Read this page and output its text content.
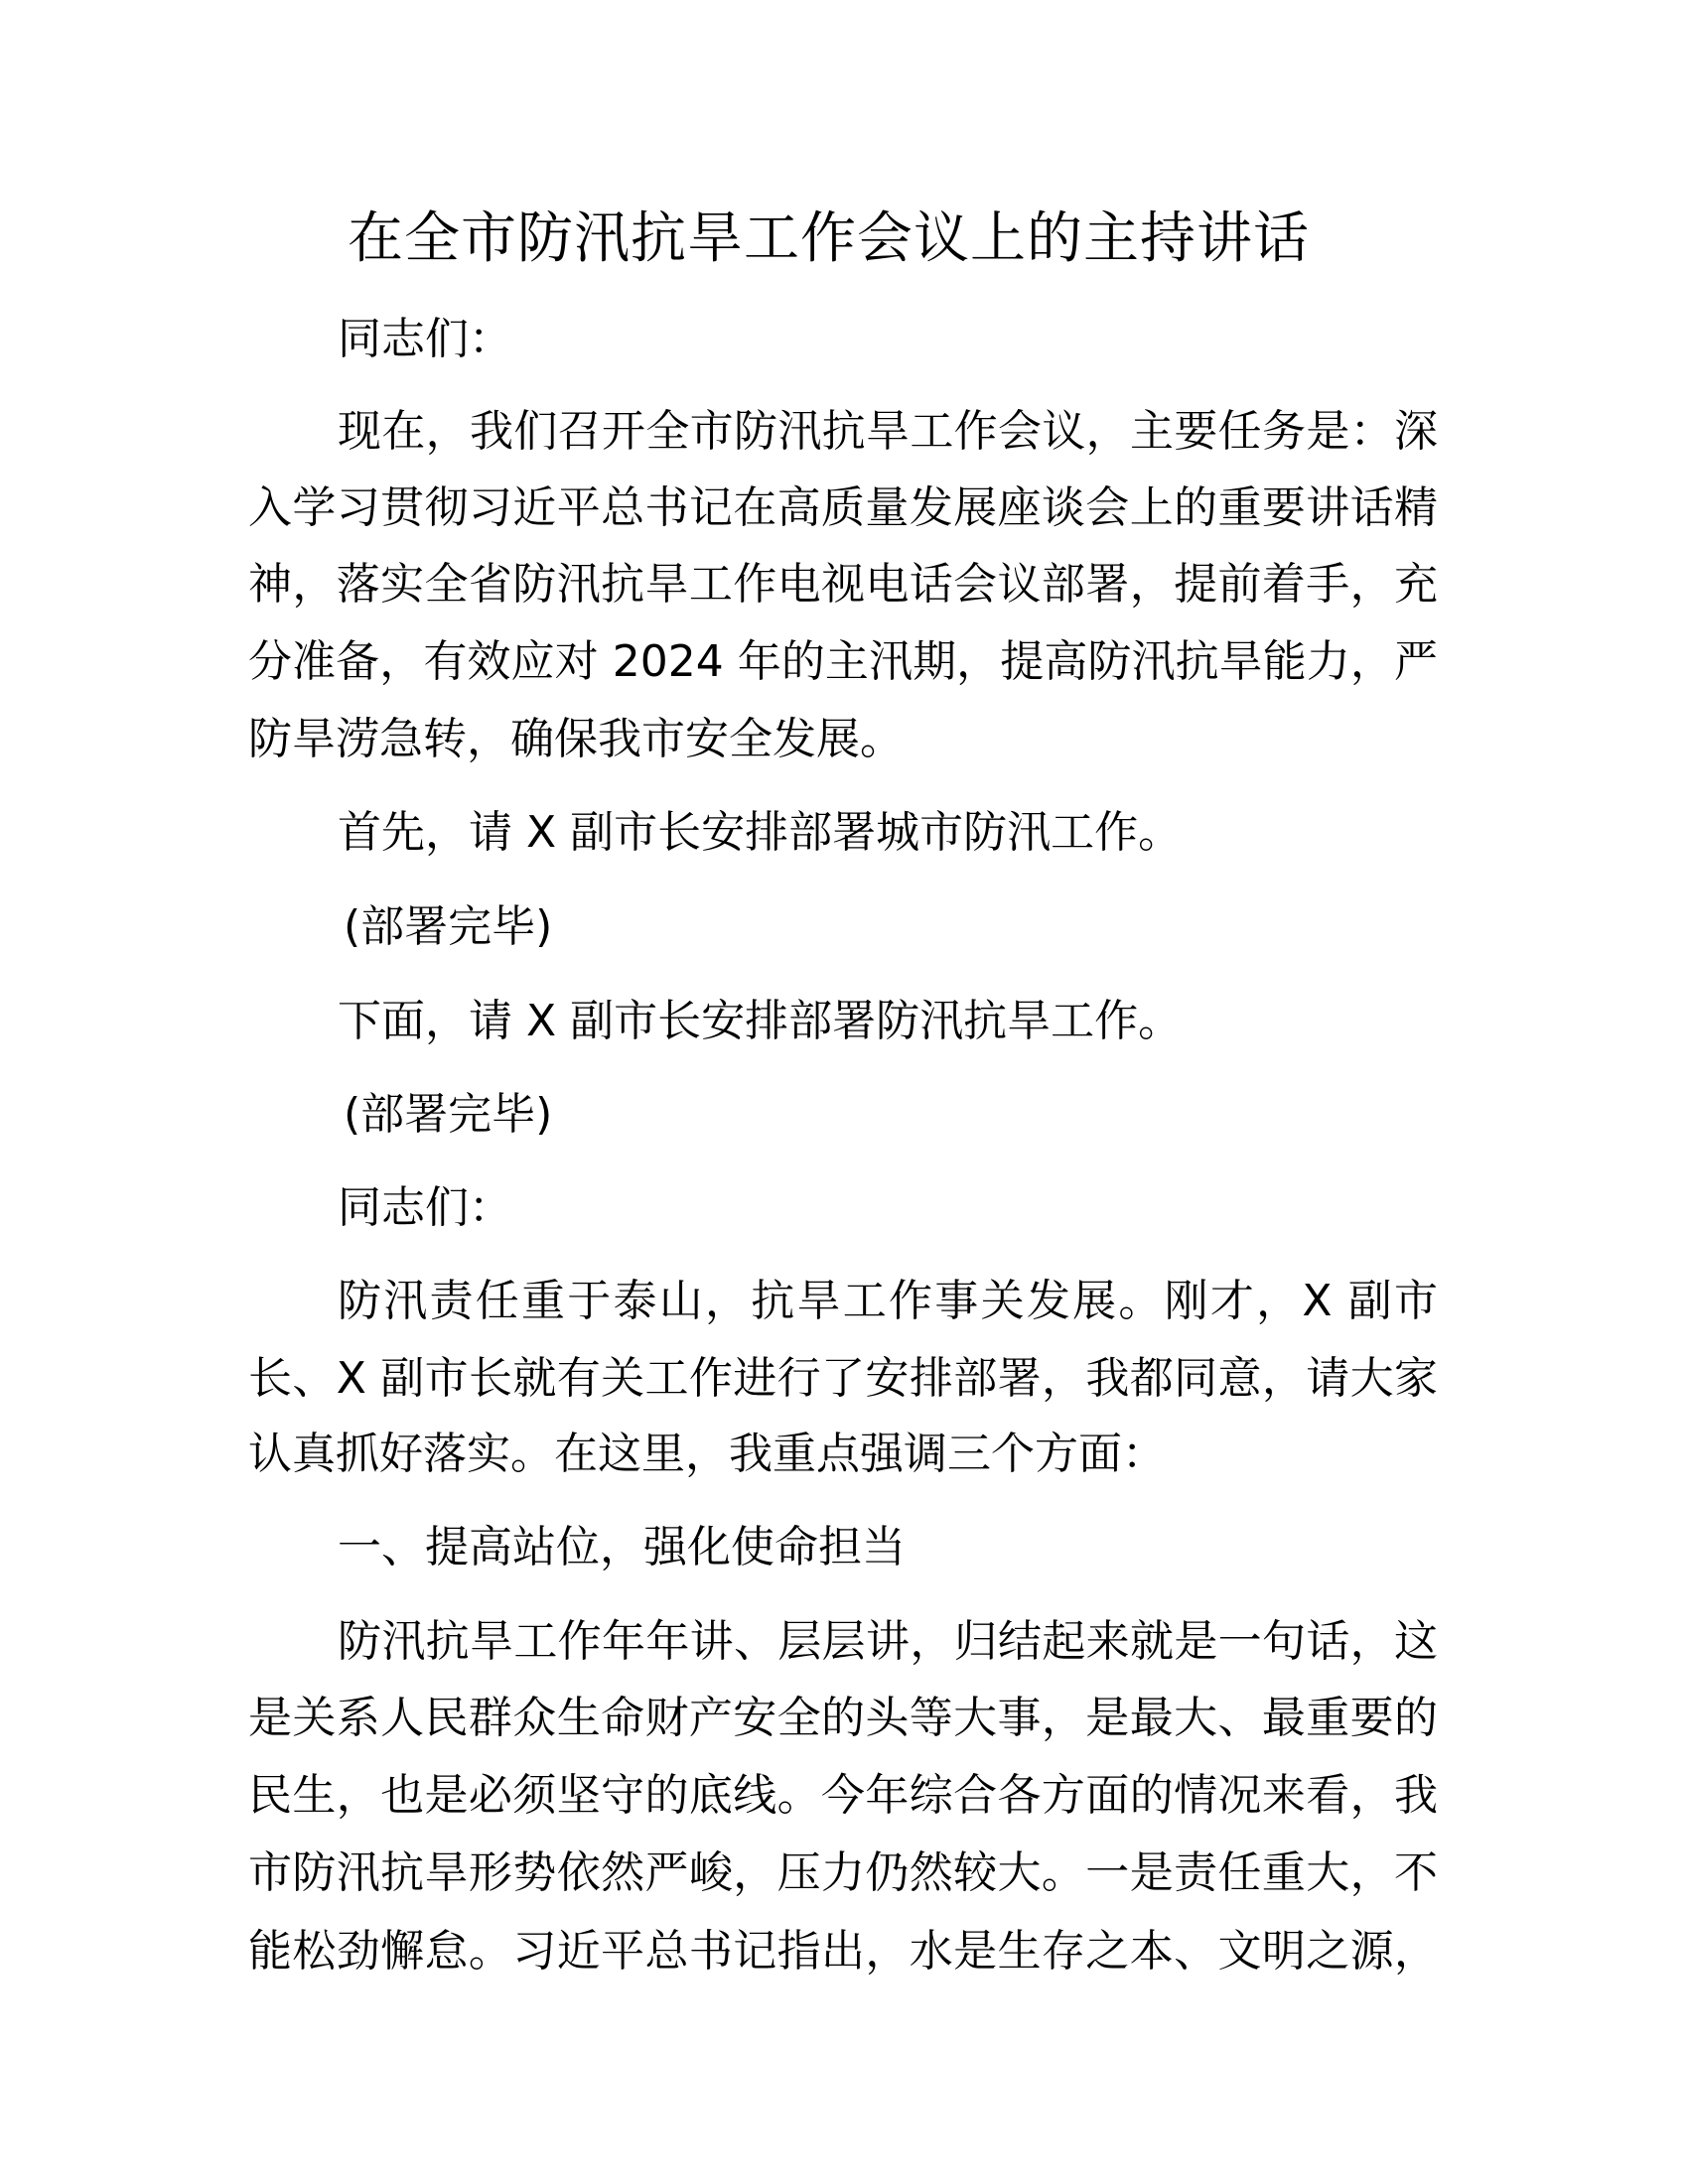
在全市防汛抗旱工作会议上的主持讲话
同志们：
现在，我们召开全市防汛抗旱工作会议，主要任务是：深
入学习贯彻习近平总书记在高质量发展座谈会上的重要讲话精
神，落实全省防汛抗旱工作电视电话会议部署，提前着手，充
分准备，有效应对 2024 年的主汛期，提高防汛抗旱能力，严
防旱涝急转，确保我市安全发展。
首先，请 X 副市长安排部署城市防汛工作。
(部署完毕)
下面，请 X 副市长安排部署防汛抗旱工作。
(部署完毕)
同志们：
防汛责任重于泰山，抗旱工作事关发展。刚才，X 副市
长、X 副市长就有关工作进行了安排部署，我都同意，请大家
认真抓好落实。在这里，我重点强调三个方面：
一、提高站位，强化使命担当
防汛抗旱工作年年讲、层层讲，归结起来就是一句话，这
是关系人民群众生命财产安全的头等大事，是最大、最重要的
民生，也是必须坚守的底线。今年综合各方面的情况来看，我
市防汛抗旱形势依然严峻，压力仍然较大。一是责任重大，不
能松劲懈怠。习近平总书记指出，水是生存之本、文明之源，
